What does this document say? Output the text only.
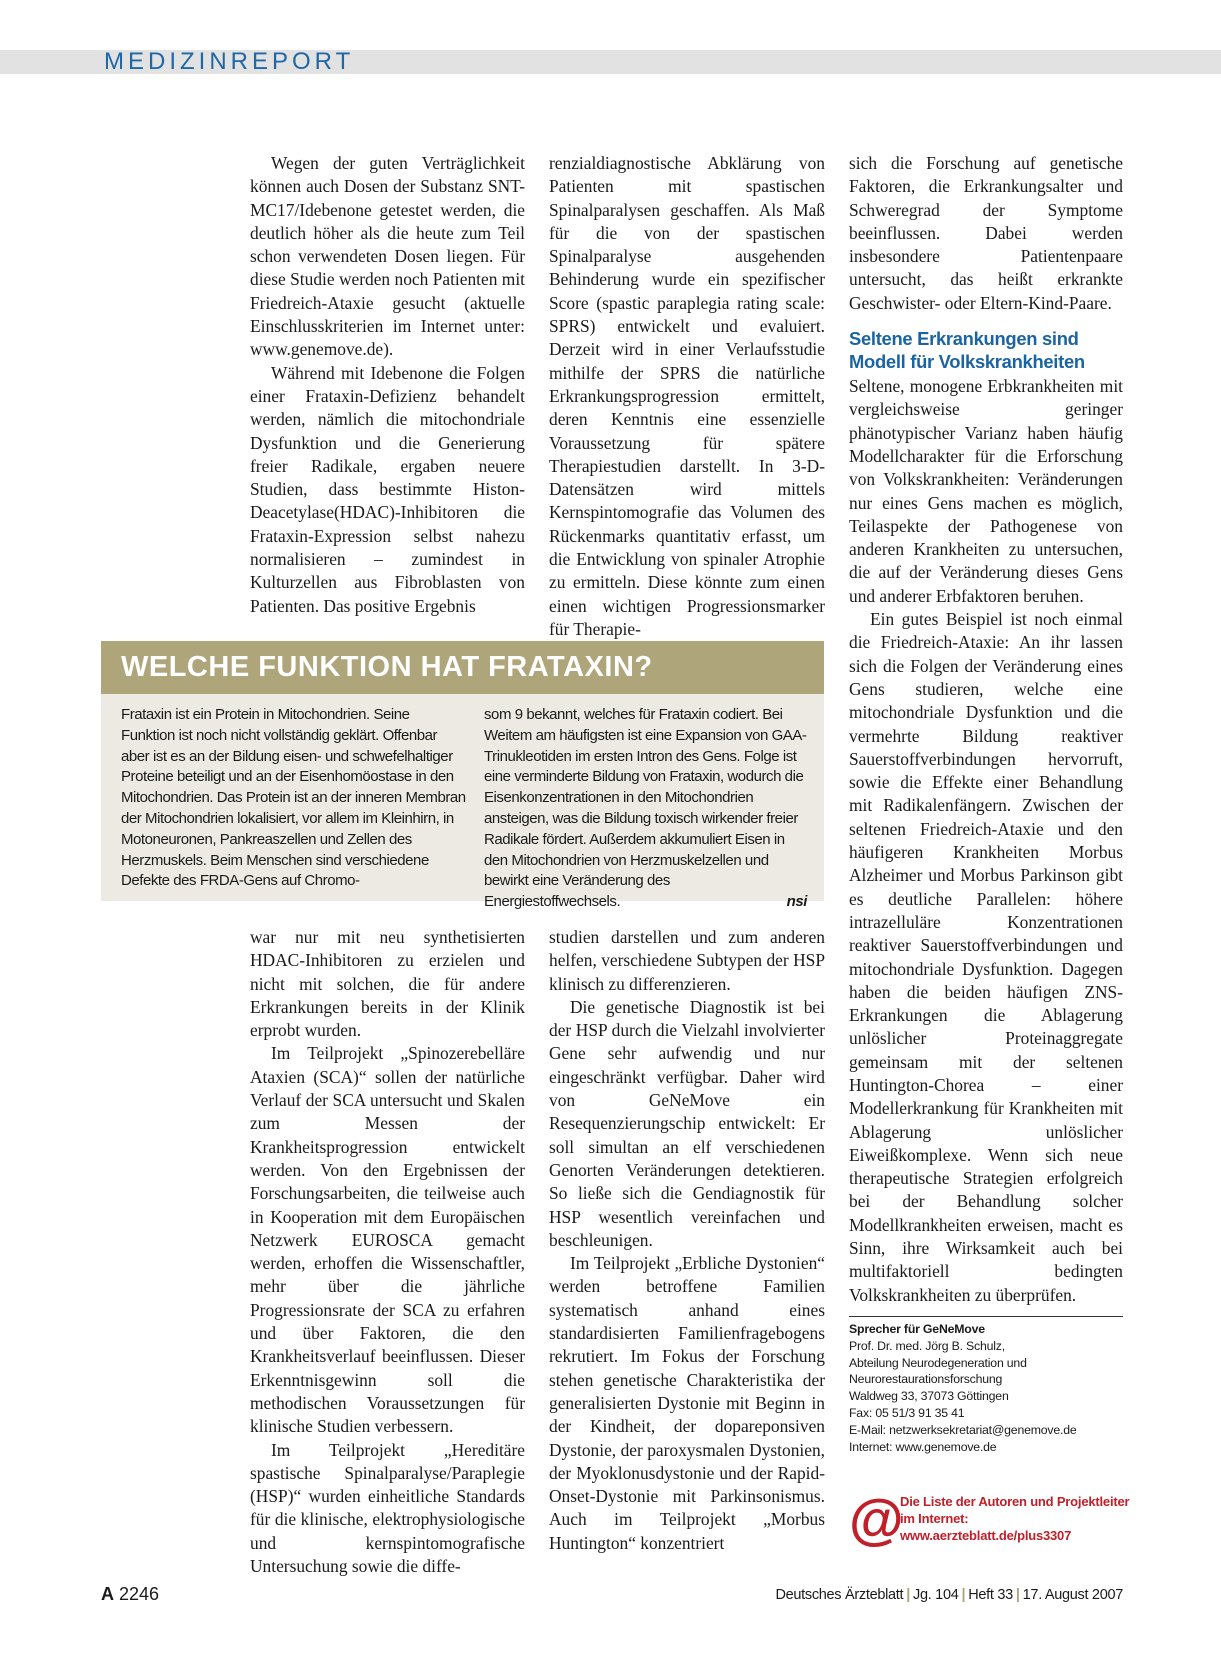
MEDIZINREPORT

Wegen der guten Verträglichkeit können auch Dosen der Substanz SNT-MC17/Idebenone getestet werden, die deutlich höher als die heute zum Teil schon verwendeten Dosen liegen. Für diese Studie werden noch Patienten mit Friedreich-Ataxie gesucht (aktuelle Einschlusskriterien im Internet unter: www.genemove.de).

Während mit Idebenone die Folgen einer Frataxin-Defizienz behandelt werden, nämlich die mitochondriale Dysfunktion und die Generierung freier Radikale, ergaben neuere Studien, dass bestimmte Histon-Deacetylase(HDAC)-Inhibitoren die Frataxin-Expression selbst nahezu normalisieren – zumindest in Kulturzellen aus Fibroblasten von Patienten. Das positive Ergebnis

renzialdiagnostische Abklärung von Patienten mit spastischen Spinalparalysen geschaffen. Als Maß für die von der spastischen Spinalparalyse ausgehenden Behinderung wurde ein spezifischer Score (spastic paraplegia rating scale: SPRS) entwickelt und evaluiert. Derzeit wird in einer Verlaufsstudie mithilfe der SPRS die natürliche Erkrankungsprogression ermittelt, deren Kenntnis eine essenzielle Voraussetzung für spätere Therapiestudien darstellt. In 3-D-Datensätzen wird mittels Kernspintomografie das Volumen des Rückenmarks quantitativ erfasst, um die Entwicklung von spinaler Atrophie zu ermitteln. Diese könnte zum einen einen wichtigen Progressionsmarker für Therapie-

WELCHE FUNKTION HAT FRATAXIN?
Frataxin ist ein Protein in Mitochondrien. Seine Funktion ist noch nicht vollständig geklärt. Offenbar aber ist es an der Bildung eisen- und schwefelhaltiger Proteine beteiligt und an der Eisenhomöostase in den Mitochondrien. Das Protein ist an der inneren Membran der Mitochondrien lokalisiert, vor allem im Kleinhirn, in Motoneuronen, Pankreaszellen und Zellen des Herzmuskels. Beim Menschen sind verschiedene Defekte des FRDA-Gens auf Chromo-
som 9 bekannt, welches für Frataxin codiert. Bei Weitem am häufigsten ist eine Expansion von GAA-Trinukleotiden im ersten Intron des Gens. Folge ist eine verminderte Bildung von Frataxin, wodurch die Eisenkonzentrationen in den Mitochondrien ansteigen, was die Bildung toxisch wirkender freier Radikale fördert. Außerdem akkumuliert Eisen in den Mitochondrien von Herzmuskelzellen und bewirkt eine Veränderung des Energiestoffwechsels.	nsi

war nur mit neu synthetisierten HDAC-Inhibitoren zu erzielen und nicht mit solchen, die für andere Erkrankungen bereits in der Klinik erprobt wurden.

Im Teilprojekt „Spinozerebelläre Ataxien (SCA)“ sollen der natürliche Verlauf der SCA untersucht und Skalen zum Messen der Krankheitsprogression entwickelt werden. Von den Ergebnissen der Forschungsarbeiten, die teilweise auch in Kooperation mit dem Europäischen Netzwerk EUROSCA gemacht werden, erhoffen die Wissenschaftler, mehr über die jährliche Progressionsrate der SCA zu erfahren und über Faktoren, die den Krankheitsverlauf beeinflussen. Dieser Erkenntnisgewinn soll die methodischen Voraussetzungen für klinische Studien verbessern.

Im Teilprojekt „Hereditäre spastische Spinalparalyse/Paraplegie (HSP)“ wurden einheitliche Standards für die klinische, elektrophysiologische und kernspintomografische Untersuchung sowie die diffe-

studien darstellen und zum anderen helfen, verschiedene Subtypen der HSP klinisch zu differenzieren.

Die genetische Diagnostik ist bei der HSP durch die Vielzahl involvierter Gene sehr aufwendig und nur eingeschränkt verfügbar. Daher wird von GeNeMove ein Resequenzierungschip entwickelt: Er soll simultan an elf verschiedenen Genorten Veränderungen detektieren. So ließe sich die Gendiagnostik für HSP wesentlich vereinfachen und beschleunigen.

Im Teilprojekt „Erbliche Dystonien“ werden betroffene Familien systematisch anhand eines standardisierten Familienfragebogens rekrutiert. Im Fokus der Forschung stehen genetische Charakteristika der generalisierten Dystonie mit Beginn in der Kindheit, der dopareponsiven Dystonie, der paroxysmalen Dystonien, der Myoklonusdystonie und der Rapid-Onset-Dystonie mit Parkinsonismus. Auch im Teilprojekt „Morbus Huntington“ konzentriert

sich die Forschung auf genetische Faktoren, die Erkrankungsalter und Schweregrad der Symptome beeinflussen. Dabei werden insbesondere Patientenpaare untersucht, das heißt erkrankte Geschwister- oder Eltern-Kind-Paare.

Seltene Erkrankungen sind Modell für Volkskrankheiten

Seltene, monogene Erbkrankheiten mit vergleichsweise geringer phänotypischer Varianz haben häufig Modellcharakter für die Erforschung von Volkskrankheiten: Veränderungen nur eines Gens machen es möglich, Teilaspekte der Pathogenese von anderen Krankheiten zu untersuchen, die auf der Veränderung dieses Gens und anderer Erbfaktoren beruhen.

Ein gutes Beispiel ist noch einmal die Friedreich-Ataxie: An ihr lassen sich die Folgen der Veränderung eines Gens studieren, welche eine mitochondriale Dysfunktion und die vermehrte Bildung reaktiver Sauerstoffverbindungen hervorruft, sowie die Effekte einer Behandlung mit Radikalenfängern. Zwischen der seltenen Friedreich-Ataxie und den häufigeren Krankheiten Morbus Alzheimer und Morbus Parkinson gibt es deutliche Parallelen: höhere intrazelluläre Konzentrationen reaktiver Sauerstoffverbindungen und mitochondriale Dysfunktion. Dagegen haben die beiden häufigen ZNS-Erkrankungen die Ablagerung unlöslicher Proteinaggregate gemeinsam mit der seltenen Huntington-Chorea – einer Modellerkrankung für Krankheiten mit Ablagerung unlöslicher Eiweißkomplexe. Wenn sich neue therapeutische Strategien erfolgreich bei der Behandlung solcher Modellkrankheiten erweisen, macht es Sinn, ihre Wirksamkeit auch bei multifaktoriell bedingten Volkskrankheiten zu überprüfen.

Sprecher für GeNeMove
Prof. Dr. med. Jörg B. Schulz,
Abteilung Neurodegeneration und
Neurorestaurationsforschung
Waldweg 33, 37073 Göttingen
Fax: 05 51/3 91 35 41
E-Mail: netzwerksekretariat@genemove.de
Internet: www.genemove.de
@
Die Liste der Autoren und Projektleiter im Internet: www.aerzteblatt.de/plus3307
A 2246	Deutsches Ärzteblatt | Jg. 104 | Heft 33 | 17. August 2007
